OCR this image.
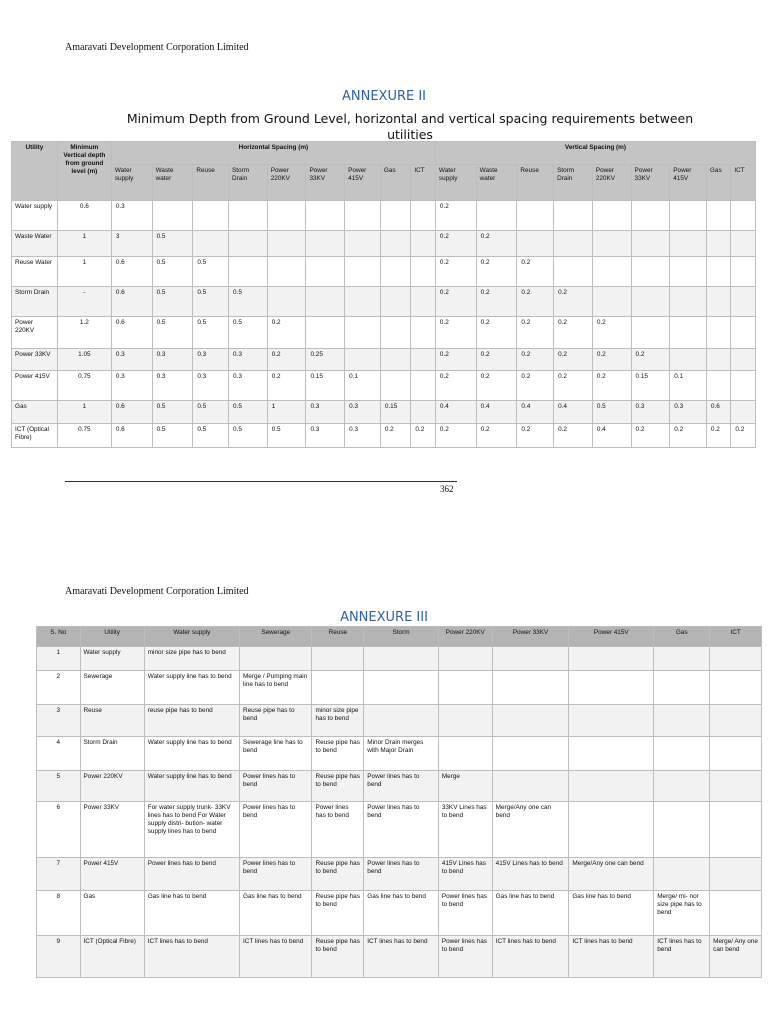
Amaravati Development Corporation Limited
ANNEXURE II
Minimum Depth from Ground Level, horizontal and vertical spacing requirements between utilities
Utility	Minimum Vertical depth from ground level (m)	Horizontal Spacing (m)									Vertical Spacing (m)								
		Water supply	Waste water	Reuse	Storm Drain	Power 220KV	Power 33KV	Power 415V	Gas	ICT	Water supply	Waste water	Reuse	Storm Drain	Power 220KV	Power 33KV	Power 415V	Gas	ICT
Water supply	0.6	0.3									0.2								
Waste Water	1	3	0.5								0.2	0.2							
Reuse Water	1	0.6	0.5	0.5							0.2	0.2	0.2						
Storm Drain	-	0.6	0.5	0.5	0.5						0.2	0.2	0.2	0.2					
Power 220KV	1.2	0.6	0.5	0.5	0.5	0.2					0.2	0.2	0.2	0.2	0.2				
Power 33KV	1.05	0.3	0.3	0.3	0.3	0.2	0.25				0.2	0.2	0.2	0.2	0.2	0.2			
Power 415V	0.75	0.3	0.3	0.3	0.3	0.2	0.15	0.1			0.2	0.2	0.2	0.2	0.2	0.15	0.1		
Gas	1	0.6	0.5	0.5	0.5	1	0.3	0.3	0.15		0.4	0.4	0.4	0.4	0.5	0.3	0.3	0.6	
ICT (Optical Fibre)	0.75	0.6	0.5	0.5	0.5	0.5	0.3	0.3	0.2	0.2	0.2	0.2	0.2	0.2	0.4	0.2	0.2	0.2	0.2
362
Amaravati Development Corporation Limited
ANNEXURE III
S. No	Utility	Water supply	Sewerage	Reuse	Storm	Power 220KV	Power 33KV	Power 415V	Gas	ICT
1	Water supply	minor size pipe has to bend								
2	Sewerage	Water supply line has to bend	Merge / Pumping main line has to bend							
3	Reuse	reuse pipe has to bend	Reuse pipe has to bend	minor size pipe has to bend						
4	Storm Drain	Water supply line has to bend	Sewerage line has to bend	Reuse pipe has to bend	Minor Drain merges with Major Drain					
5	Power 220KV	Water supply line has to bend	Power lines has to bend	Reuse pipe has to bend	Power lines has to bend	Merge				
6	Power 33KV	For water supply trunk- 33KV lines has to bend For Water supply distri- bution- water supply lines has to bend	Power lines has to bend	Power lines has to bend	Power lines has to bend	33KV Lines has to bend	Merge/Any one can bend			
7	Power 415V	Power lines has to bend	Power lines has to bend	Reuse pipe has to bend	Power lines has to bend	415V Lines has to bend	415V Lines has to bend	Merge/Any one can bend		
8	Gas	Gas line has to bend	Gas line has to bend	Reuse pipe has to bend	Gas line has to bend	Power lines has to bend	Gas line has to bend	Gas line has to bend	Merge/ mi- nor size pipe has to bend	
9	ICT (Optical Fibre)	ICT lines has to bend	ICT lines has to bend	Reuse pipe has to bend	ICT lines has to bend	Power lines has to bend	ICT lines has to bend	ICT lines has to bend	ICT lines has to bend	Merge/ Any one can bend
